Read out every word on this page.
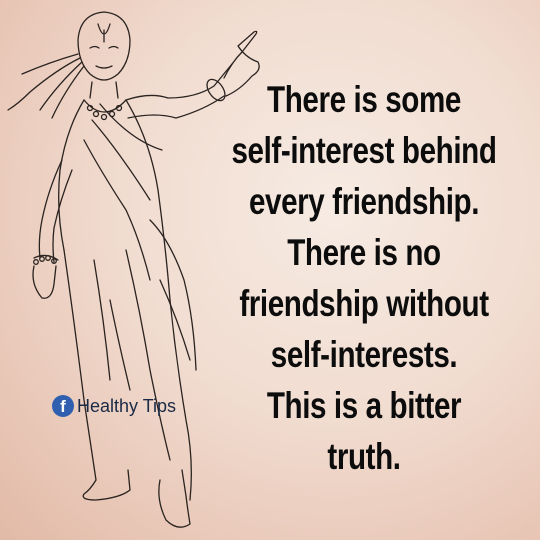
There is some
self-interest behind
every friendship.
There is no
friendship without
self-interests.
This is a bitter
truth.
f Healthy Tips
